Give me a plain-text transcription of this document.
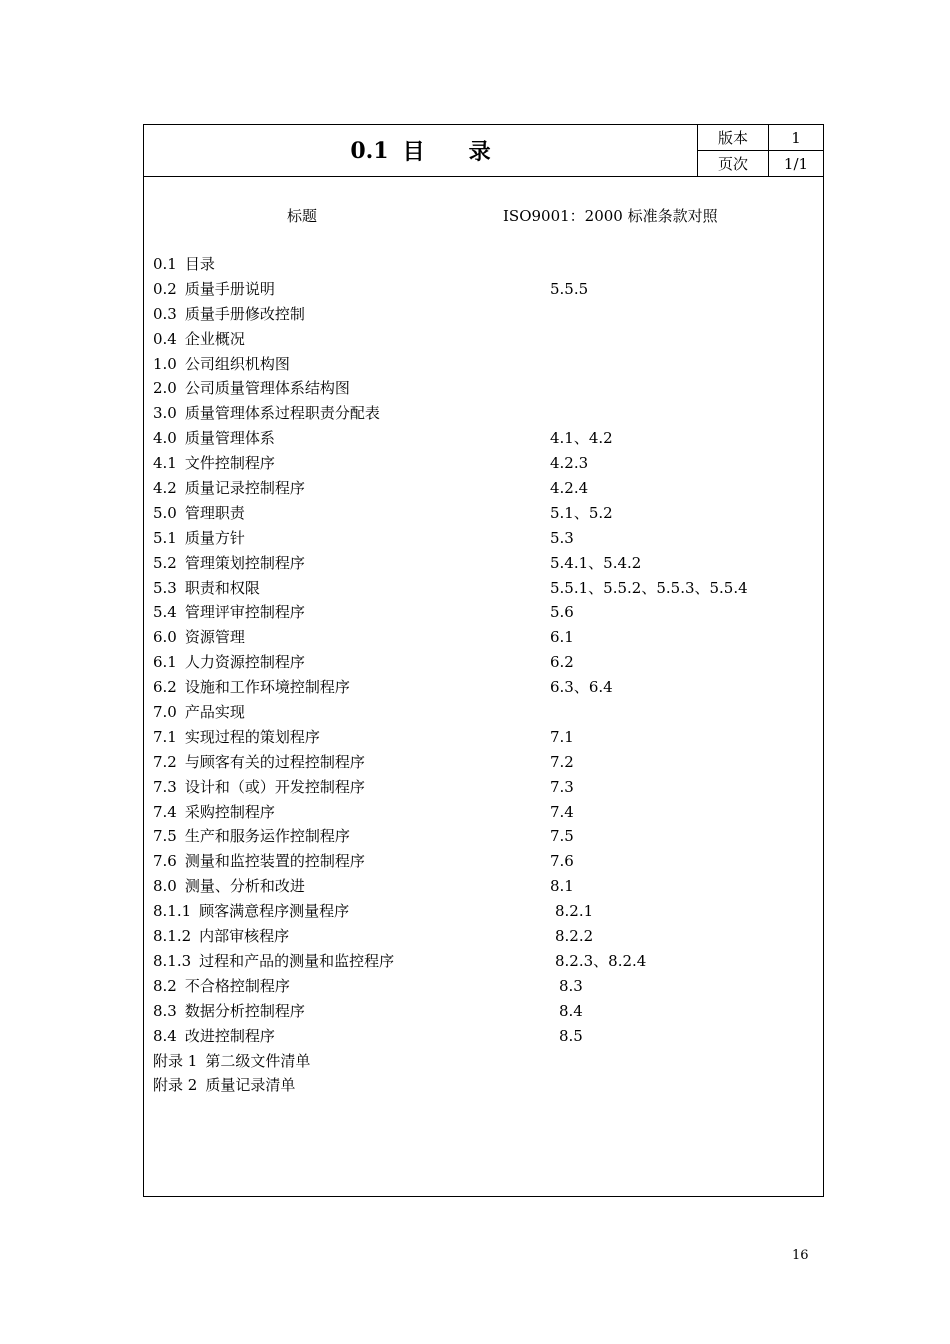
0.1 目录
版本	1
页次	1/1
标题	ISO9001：2000 标准条款对照
0.1 目录
0.2 质量手册说明	5.5.5
0.3 质量手册修改控制
0.4 企业概况
1.0 公司组织机构图
2.0 公司质量管理体系结构图
3.0 质量管理体系过程职责分配表
4.0 质量管理体系	4.1、4.2
4.1 文件控制程序	4.2.3
4.2 质量记录控制程序	4.2.4
5.0 管理职责	5.1、5.2
5.1 质量方针	5.3
5.2 管理策划控制程序	5.4.1、5.4.2
5.3 职责和权限	5.5.1、5.5.2、5.5.3、5.5.4
5.4 管理评审控制程序	5.6
6.0 资源管理	6.1
6.1 人力资源控制程序	6.2
6.2 设施和工作环境控制程序	6.3、6.4
7.0 产品实现
7.1 实现过程的策划程序	7.1
7.2 与顾客有关的过程控制程序	7.2
7.3 设计和（或）开发控制程序	7.3
7.4 采购控制程序	7.4
7.5 生产和服务运作控制程序	7.5
7.6 测量和监控装置的控制程序	7.6
8.0 测量、分析和改进	8.1
8.1.1 顾客满意程序测量程序	8.2.1
8.1.2 内部审核程序	8.2.2
8.1.3 过程和产品的测量和监控程序	8.2.3、8.2.4
8.2 不合格控制程序	8.3
8.3 数据分析控制程序	8.4
8.4 改进控制程序	8.5
附录 1 第二级文件清单
附录 2 质量记录清单
16
